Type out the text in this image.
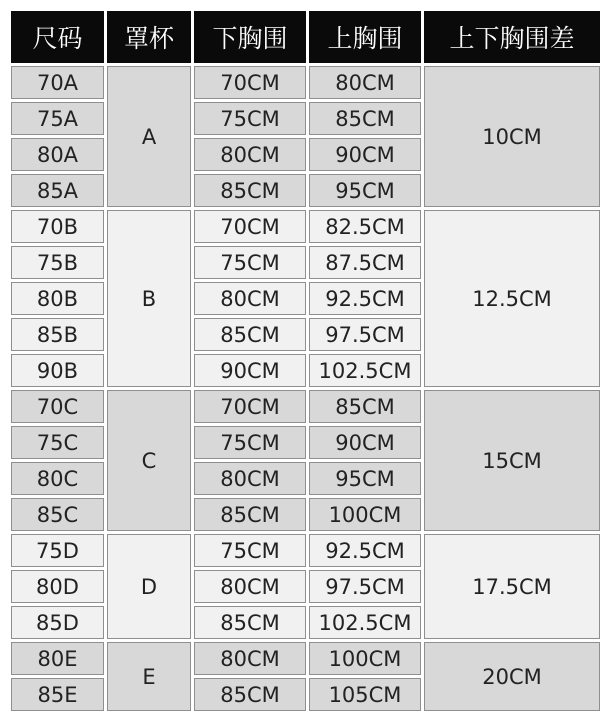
尺码	罩杯	下胸围	上胸围	上下胸围差
70A	A	70CM	80CM	10CM
75A		75CM	85CM	
80A		80CM	90CM	
85A		85CM	95CM	
70B	B	70CM	82.5CM	12.5CM
75B		75CM	87.5CM	
80B		80CM	92.5CM	
85B		85CM	97.5CM	
90B		90CM	102.5CM	
70C	C	70CM	85CM	15CM
75C		75CM	90CM	
80C		80CM	95CM	
85C		85CM	100CM	
75D	D	75CM	92.5CM	17.5CM
80D		80CM	97.5CM	
85D		85CM	102.5CM	
80E	E	80CM	100CM	20CM
85E		85CM	105CM	
